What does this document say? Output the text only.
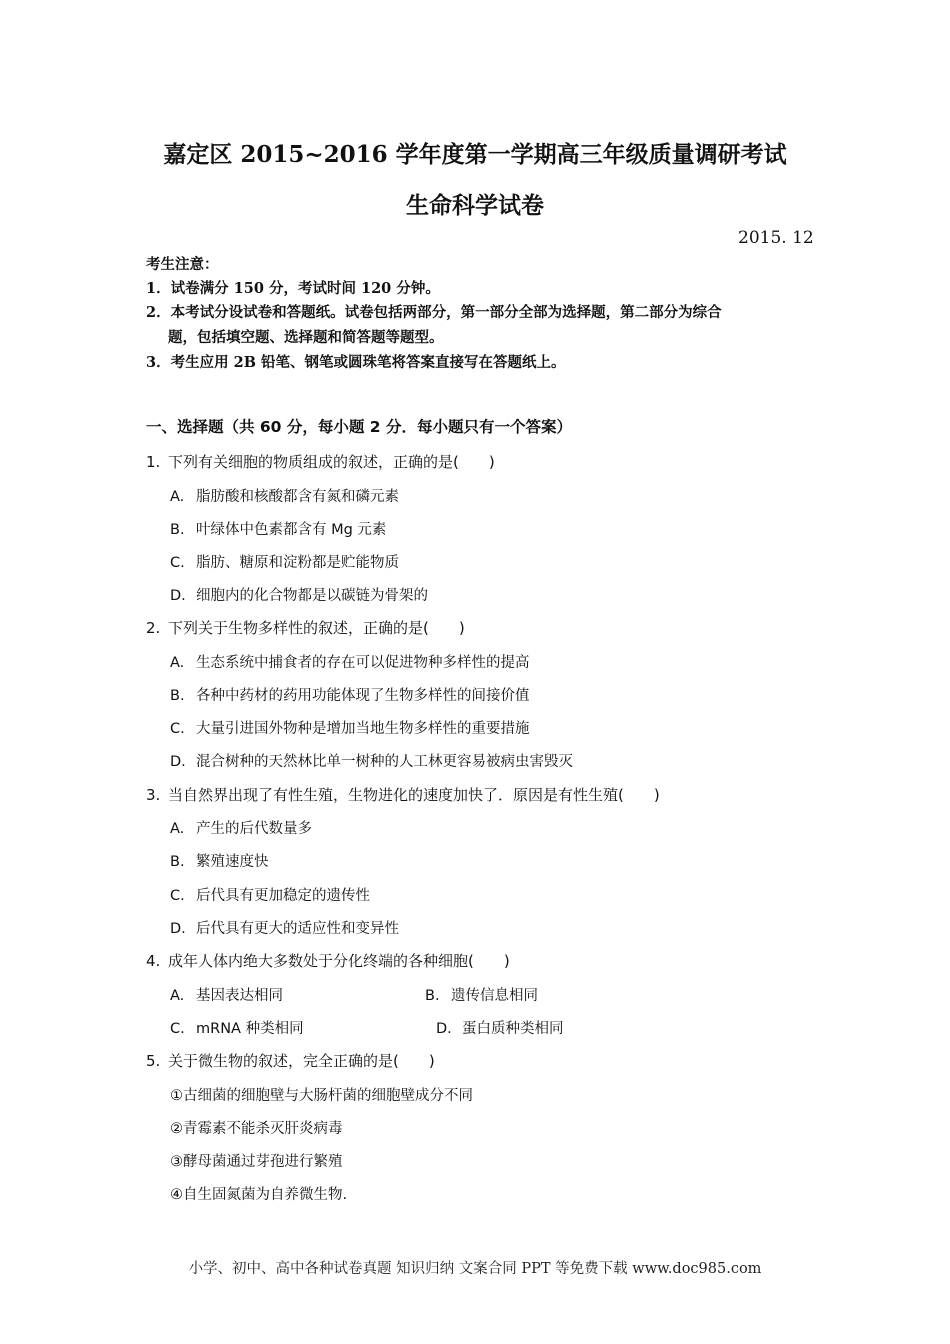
嘉定区 2015~2016 学年度第一学期高三年级质量调研考试
生命科学试卷
2015. 12
考生注意：
1．试卷满分 150 分，考试时间 120 分钟。
2．本考试分设试卷和答题纸。试卷包括两部分，第一部分全部为选择题，第二部分为综合
题，包括填空题、选择题和简答题等题型。
3．考生应用 2B 铅笔、钢笔或圆珠笔将答案直接写在答题纸上。
一、选择题（共 60 分，每小题 2 分．每小题只有一个答案）
1. 下列有关细胞的物质组成的叙述，正确的是(　　)
A. 脂肪酸和核酸都含有氮和磷元素
B. 叶绿体中色素都含有 Mg 元素
C. 脂肪、糖原和淀粉都是贮能物质
D. 细胞内的化合物都是以碳链为骨架的
2. 下列关于生物多样性的叙述，正确的是(　　)
A. 生态系统中捕食者的存在可以促进物种多样性的提高
B. 各种中药材的药用功能体现了生物多样性的间接价值
C. 大量引进国外物种是增加当地生物多样性的重要措施
D. 混合树种的天然林比单一树种的人工林更容易被病虫害毁灭
3. 当自然界出现了有性生殖，生物进化的速度加快了．原因是有性生殖(　　)
A. 产生的后代数量多
B. 繁殖速度快
C. 后代具有更加稳定的遗传性
D. 后代具有更大的适应性和变异性
4. 成年人体内绝大多数处于分化终端的各种细胞(　　)
A. 基因表达相同	B. 遗传信息相同
C. mRNA 种类相同	D. 蛋白质种类相同
5. 关于微生物的叙述，完全正确的是(　　)
①古细菌的细胞壁与大肠杆菌的细胞壁成分不同
②青霉素不能杀灭肝炎病毒
③酵母菌通过芽孢进行繁殖
④自生固氮菌为自养微生物.
小学、初中、高中各种试卷真题 知识归纳 文案合同 PPT 等免费下载 www.doc985.com
